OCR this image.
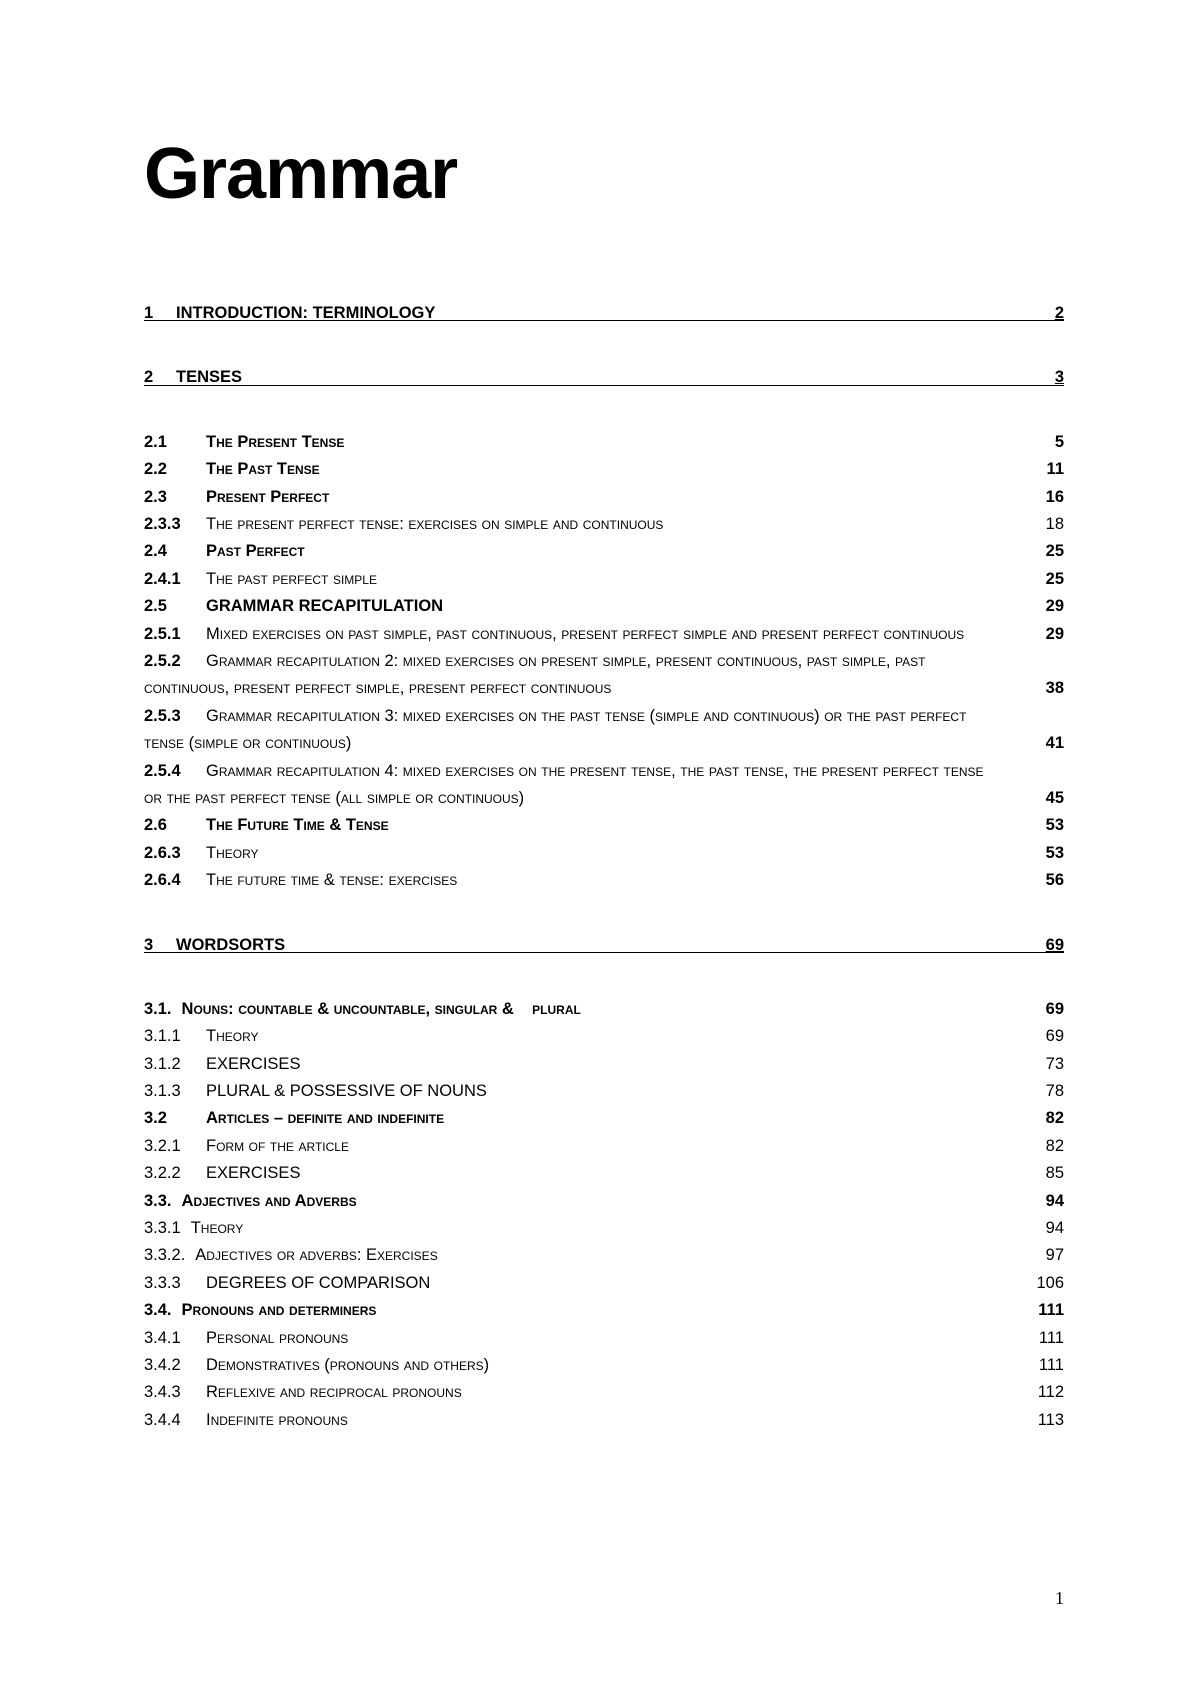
Grammar
1 INTRODUCTION: TERMINOLOGY	2
2 TENSES	3
2.1 The Present Tense	5
2.2 The Past Tense	11
2.3 Present Perfect	16
2.3.3 The present perfect tense: exercises on simple and continuous	18
2.4 Past Perfect	25
2.4.1 The past perfect simple	25
2.5 GRAMMAR RECAPITULATION	29
2.5.1 Mixed exercises on past simple, past continuous, present perfect simple and present perfect continuous	29
2.5.2 Grammar recapitulation 2: mixed exercises on present simple, present continuous, past simple, past continuous, present perfect simple, present perfect continuous	38
2.5.3 Grammar recapitulation 3: mixed exercises on the past tense (simple and continuous) or the past perfect tense (simple or continuous)	41
2.5.4 Grammar recapitulation 4: mixed exercises on the present tense, the past tense, the present perfect tense or the past perfect tense (all simple or continuous)	45
2.6 The Future Time & Tense	53
2.6.3 Theory	53
2.6.4 The future time & tense: exercises	56
3 WORDSORTS	69
3.1. Nouns: countable & uncountable, singular &    plural	69
3.1.1 Theory	69
3.1.2 EXERCISES	73
3.1.3 PLURAL & POSSESSIVE OF NOUNS	78
3.2 Articles – definite and indefinite	82
3.2.1 Form of the article	82
3.2.2 EXERCISES	85
3.3. Adjectives and Adverbs	94
3.3.1 Theory	94
3.3.2. Adjectives or adverbs: Exercises	97
3.3.3 DEGREES OF COMPARISON	106
3.4. Pronouns and determiners	111
3.4.1 Personal pronouns	111
3.4.2 Demonstratives (pronouns and others)	111
3.4.3 Reflexive and reciprocal pronouns	112
3.4.4 Indefinite pronouns	113
1
